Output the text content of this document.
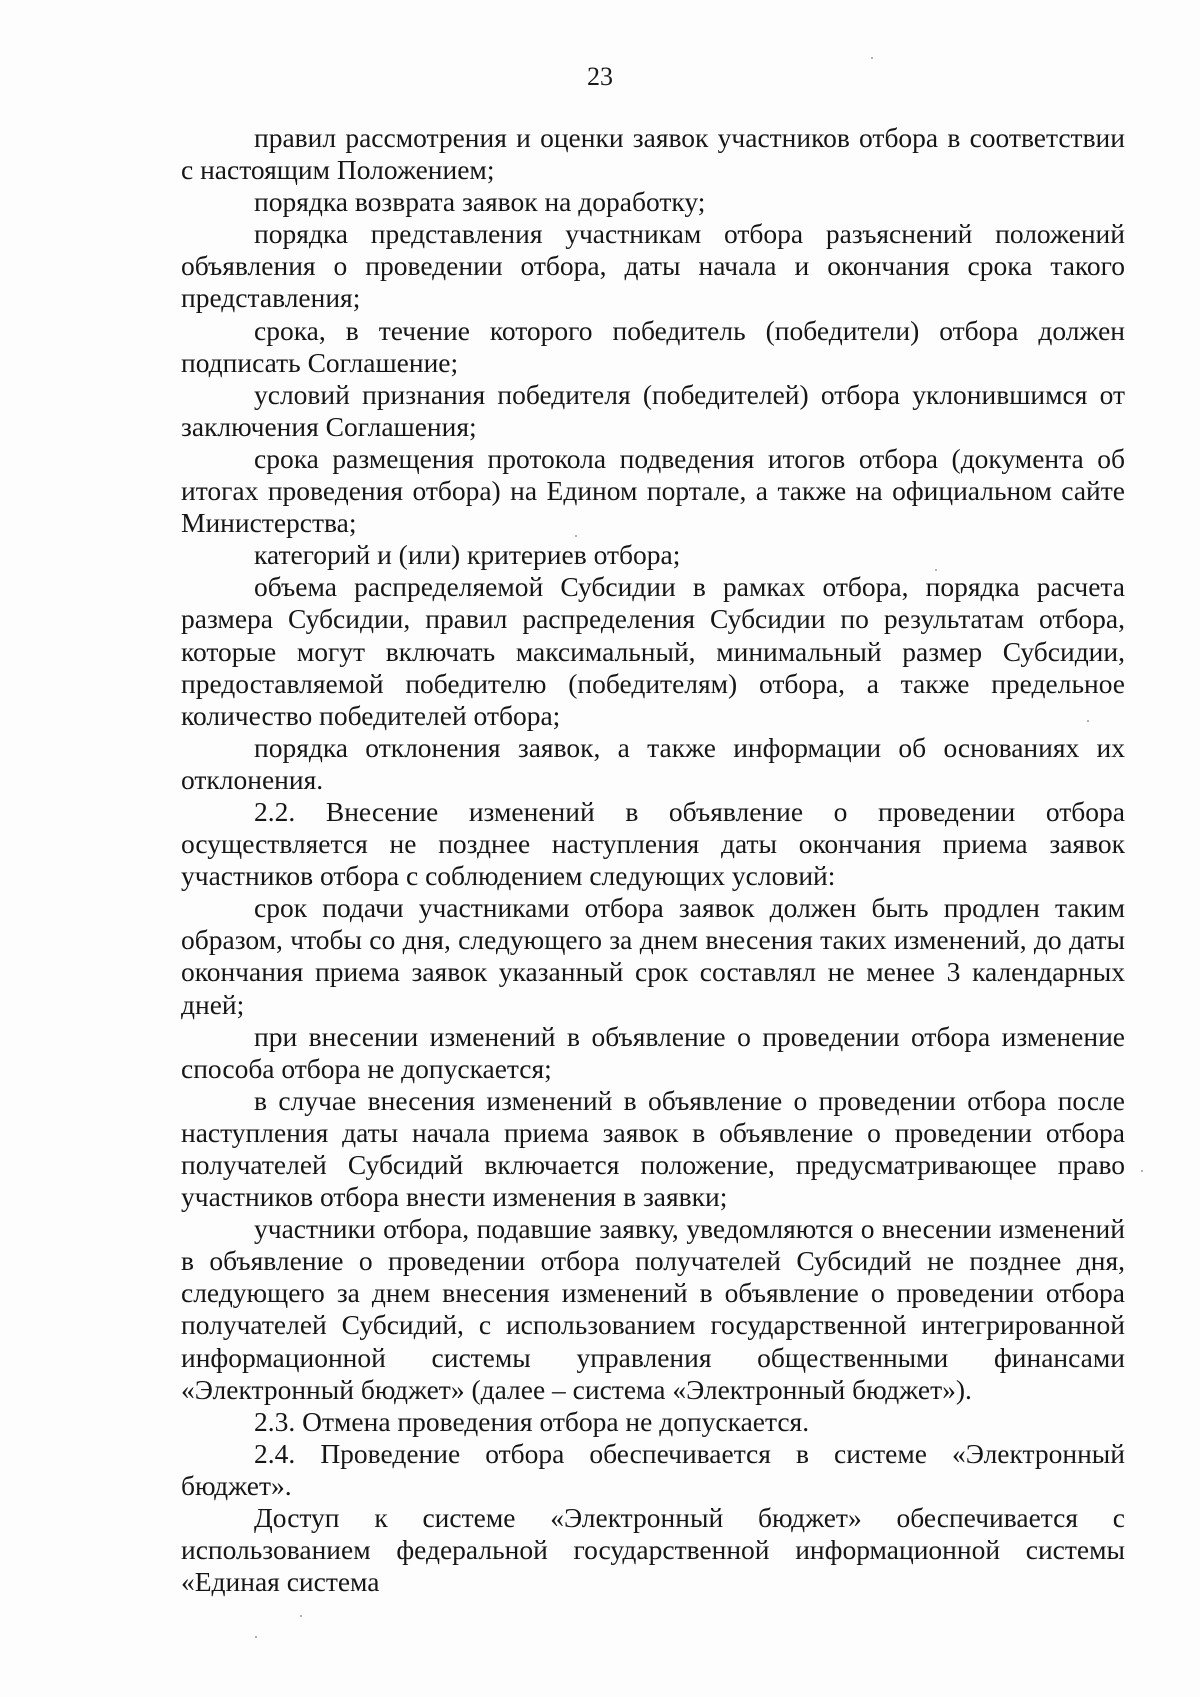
23

правил рассмотрения и оценки заявок участников отбора в соответствии с настоящим Положением;

порядка возврата заявок на доработку;

порядка представления участникам отбора разъяснений положений объявления о проведении отбора, даты начала и окончания срока такого представления;

срока, в течение которого победитель (победители) отбора должен подписать Соглашение;

условий признания победителя (победителей) отбора уклонившимся от заключения Соглашения;

срока размещения протокола подведения итогов отбора (документа об итогах проведения отбора) на Едином портале, а также на официальном сайте Министерства;

категорий и (или) критериев отбора;

объема распределяемой Субсидии в рамках отбора, порядка расчета размера Субсидии, правил распределения Субсидии по результатам отбора, которые могут включать максимальный, минимальный размер Субсидии, предоставляемой победителю (победителям) отбора, а также предельное количество победителей отбора;

порядка отклонения заявок, а также информации об основаниях их отклонения.

2.2. Внесение изменений в объявление о проведении отбора осуществляется не позднее наступления даты окончания приема заявок участников отбора с соблюдением следующих условий:

срок подачи участниками отбора заявок должен быть продлен таким образом, чтобы со дня, следующего за днем внесения таких изменений, до даты окончания приема заявок указанный срок составлял не менее 3 календарных дней;

при внесении изменений в объявление о проведении отбора изменение способа отбора не допускается;

в случае внесения изменений в объявление о проведении отбора после наступления даты начала приема заявок в объявление о проведении отбора получателей Субсидий включается положение, предусматривающее право участников отбора внести изменения в заявки;

участники отбора, подавшие заявку, уведомляются о внесении изменений в объявление о проведении отбора получателей Субсидий не позднее дня, следующего за днем внесения изменений в объявление о проведении отбора получателей Субсидий, с использованием государственной интегрированной информационной системы управления общественными финансами «Электронный бюджет» (далее – система «Электронный бюджет»).

2.3. Отмена проведения отбора не допускается.

2.4. Проведение отбора обеспечивается в системе «Электронный бюджет».

Доступ к системе «Электронный бюджет» обеспечивается с использованием федеральной государственной информационной системы «Единая система
